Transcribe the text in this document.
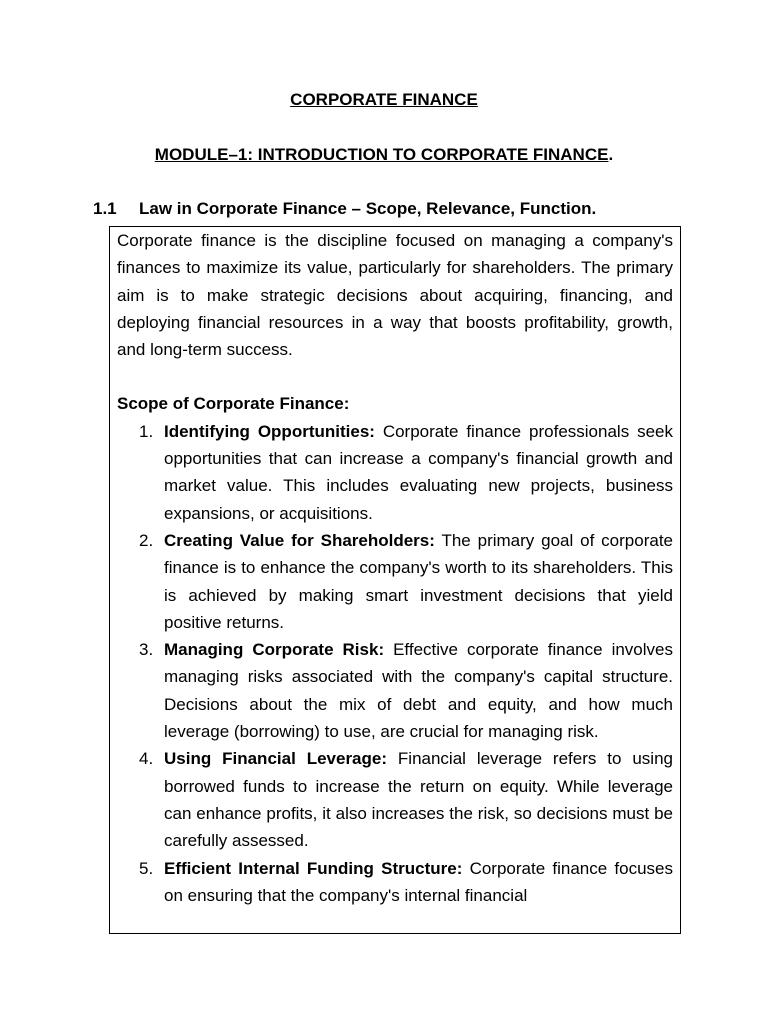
CORPORATE FINANCE
MODULE–1: INTRODUCTION TO CORPORATE FINANCE.
1.1 Law in Corporate Finance – Scope, Relevance, Function.

Corporate finance is the discipline focused on managing a company's finances to maximize its value, particularly for shareholders. The primary aim is to make strategic decisions about acquiring, financing, and deploying financial resources in a way that boosts profitability, growth, and long-term success.

Scope of Corporate Finance:

1. Identifying Opportunities: Corporate finance professionals seek opportunities that can increase a company's financial growth and market value. This includes evaluating new projects, business expansions, or acquisitions.
2. Creating Value for Shareholders: The primary goal of corporate finance is to enhance the company's worth to its shareholders. This is achieved by making smart investment decisions that yield positive returns.
3. Managing Corporate Risk: Effective corporate finance involves managing risks associated with the company's capital structure. Decisions about the mix of debt and equity, and how much leverage (borrowing) to use, are crucial for managing risk.
4. Using Financial Leverage: Financial leverage refers to using borrowed funds to increase the return on equity. While leverage can enhance profits, it also increases the risk, so decisions must be carefully assessed.
5. Efficient Internal Funding Structure: Corporate finance focuses on ensuring that the company's internal financial
